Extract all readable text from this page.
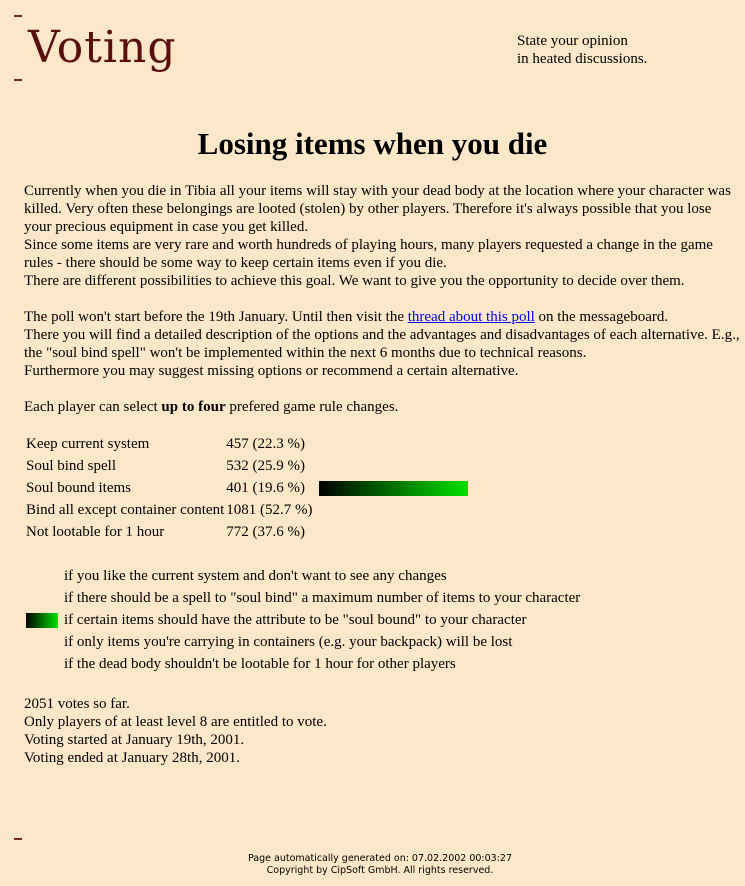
Voting	State your opinion
in heated discussions.
Losing items when you die

Currently when you die in Tibia all your items will stay with your dead body at the location where your character was killed. Very often these belongings are looted (stolen) by other players. Therefore it's always possible that you lose your precious equipment in case you get killed.
Since some items are very rare and worth hundreds of playing hours, many players requested a change in the game rules - there should be some way to keep certain items even if you die.
There are different possibilities to achieve this goal. We want to give you the opportunity to decide over them.

The poll won't start before the 19th January. Until then visit the thread about this poll on the messageboard.
There you will find a detailed description of the options and the advantages and disadvantages of each alternative. E.g., the "soul bind spell" won't be implemented within the next 6 months due to technical reasons.
Furthermore you may suggest missing options or recommend a certain alternative.

Each player can select up to four prefered game rule changes.

Keep current system	457 (22.3 %)	
Soul bind spell	532 (25.9 %)	
Soul bound items	401 (19.6 %)	
Bind all except container content	1081 (52.7 %)	
Not lootable for 1 hour	772 (37.6 %)	
	if you like the current system and don't want to see any changes
	if there should be a spell to "soul bind" a maximum number of items to your character
	if certain items should have the attribute to be "soul bound" to your character
	if only items you're carrying in containers (e.g. your backpack) will be lost
	if the dead body shouldn't be lootable for 1 hour for other players
2051 votes so far.
Only players of at least level 8 are entitled to vote.
Voting started at January 19th, 2001.
Voting ended at January 28th, 2001.
Page automatically generated on: 07.02.2002 00:03:27
Copyright by CipSoft GmbH. All rights reserved.
